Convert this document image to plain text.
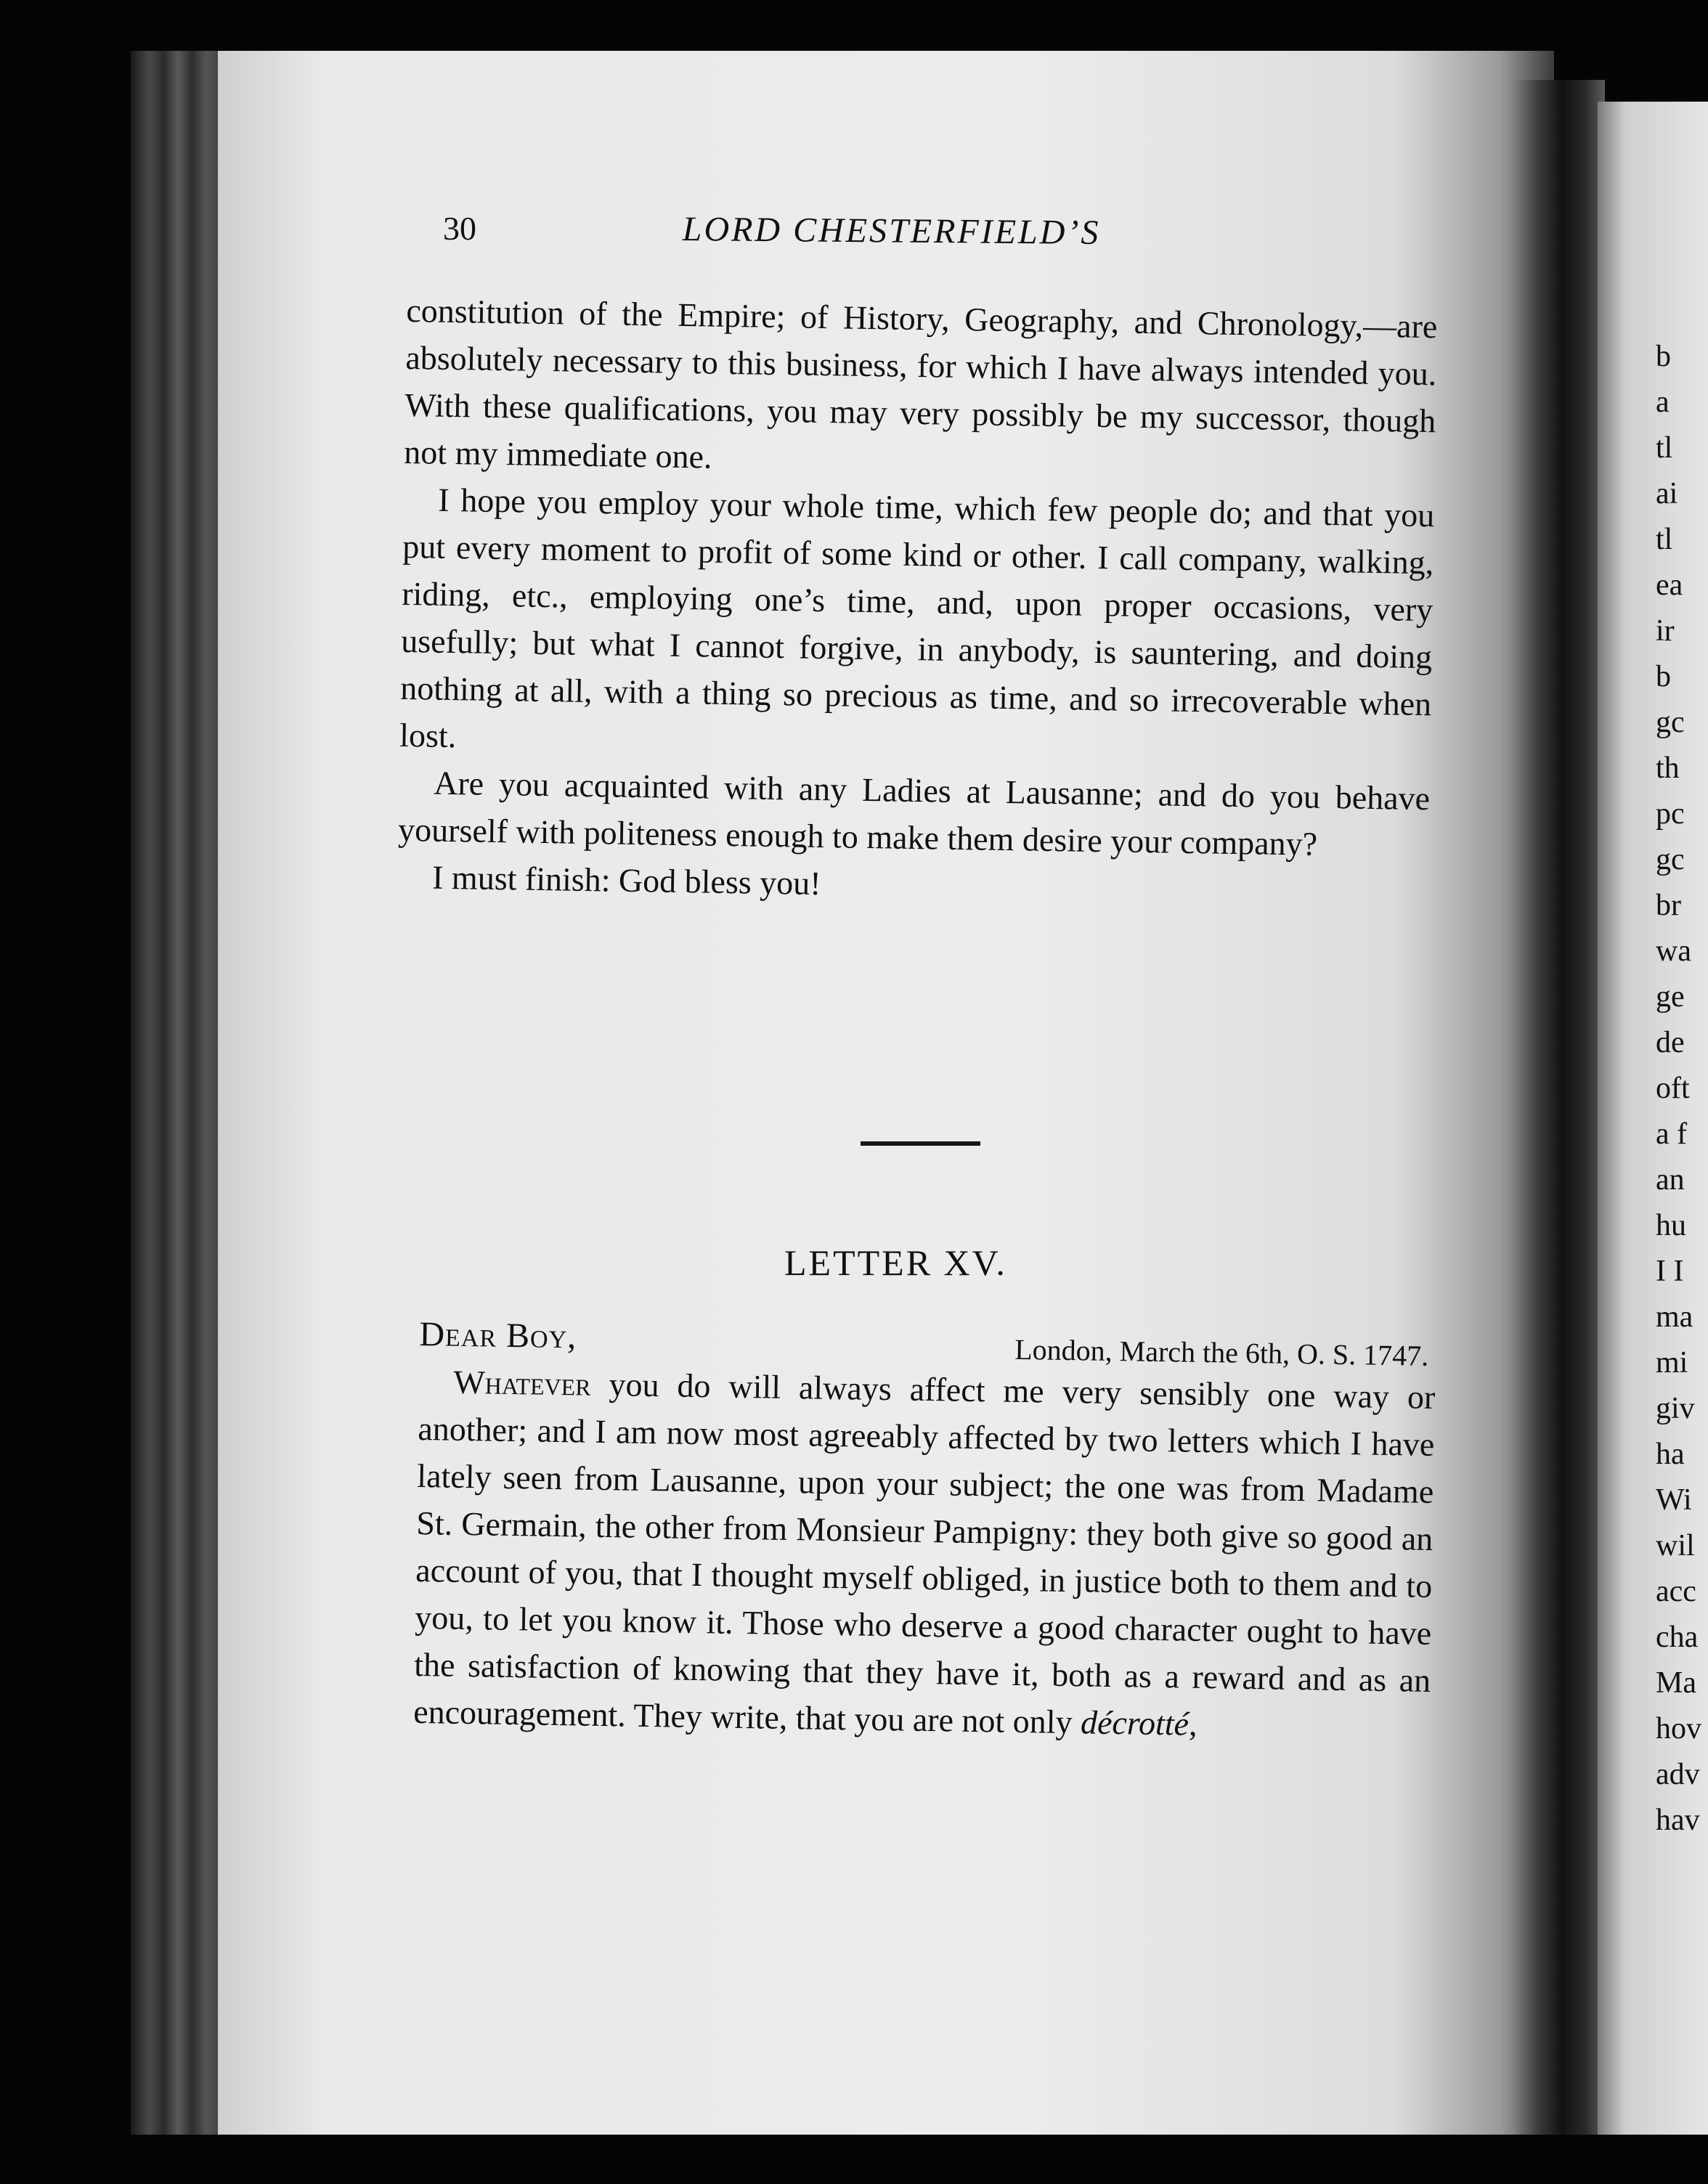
30	LORD CHESTERFIELD’S

constitution of the Empire; of History, Geography, and Chronology,—are absolutely necessary to this business, for which I have always intended you. With these qualifications, you may very possibly be my successor, though not my immediate one.

I hope you employ your whole time, which few people do; and that you put every moment to profit of some kind or other. I call company, walking, riding, etc., employing one’s time, and, upon proper occasions, very usefully; but what I cannot forgive, in anybody, is sauntering, and doing nothing at all, with a thing so precious as time, and so irrecoverable when lost.

Are you acquainted with any Ladies at Lausanne; and do you behave yourself with politeness enough to make them desire your company?

I must finish: God bless you!

LETTER XV.
Dear Boy,	London, March the 6th, O. S. 1747.

Whatever you do will always affect me very sensibly one way or another; and I am now most agreeably affected by two letters which I have lately seen from Lausanne, upon your subject; the one was from Madame St. Germain, the other from Monsieur Pampigny: they both give so good an account of you, that I thought myself obliged, in justice both to them and to you, to let you know it. Those who deserve a good character ought to have the satisfaction of knowing that they have it, both as a reward and as an encouragement. They write, that you are not only décrotté,

b
a
tl
ai
tl
ea
ir
b
gc
th
pc
gc
br
wa
ge
de
oft
a f
an
hu
I I
ma
mi
giv
ha
Wi
wil
acc
cha
Ma
hov
adv
hav
